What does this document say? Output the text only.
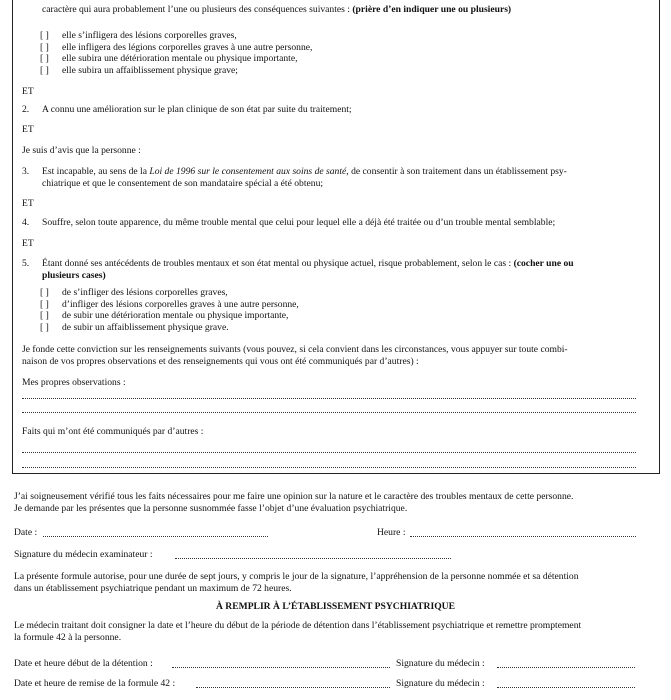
caractère qui aura probablement l’une ou plusieurs des conséquences suivantes : (prière d’en indiquer une ou plusieurs)
[ ] elle s’infligera des lésions corporelles graves,
[ ] elle infligera des légions corporelles graves à une autre personne,
[ ] elle subira une détérioration mentale ou physique importante,
[ ] elle subira un affaiblissement physique grave;
ET
2. A connu une amélioration sur le plan clinique de son état par suite du traitement;
ET
Je suis d’avis que la personne :
3. Est incapable, au sens de la Loi de 1996 sur le consentement aux soins de santé, de consentir à son traitement dans un établissement psy-
chiatrique et que le consentement de son mandataire spécial a été obtenu;
ET
4. Souffre, selon toute apparence, du même trouble mental que celui pour lequel elle a déjà été traitée ou d’un trouble mental semblable;
ET
5. Étant donné ses antécédents de troubles mentaux et son état mental ou physique actuel, risque probablement, selon le cas : (cocher une ou
plusieurs cases)
[ ] de s’infliger des lésions corporelles graves,
[ ] d’infliger des lésions corporelles graves à une autre personne,
[ ] de subir une détérioration mentale ou physique importante,
[ ] de subir un affaiblissement physique grave.
Je fonde cette conviction sur les renseignements suivants (vous pouvez, si cela convient dans les circonstances, vous appuyer sur toute combi-
naison de vos propres observations et des renseignements qui vous ont été communiqués par d’autres) :
Mes propres observations :
Faits qui m’ont été communiqués par d’autres :
J’ai soigneusement vérifié tous les faits nécessaires pour me faire une opinion sur la nature et le caractère des troubles mentaux de cette personne.
Je demande par les présentes que la personne susnommée fasse l’objet d’une évaluation psychiatrique.
Date :	Heure :
Signature du médecin examinateur :
La présente formule autorise, pour une durée de sept jours, y compris le jour de la signature, l’appréhension de la personne nommée et sa détention
dans un établissement psychiatrique pendant un maximum de 72 heures.
À REMPLIR À L’ÉTABLISSEMENT PSYCHIATRIQUE
Le médecin traitant doit consigner la date et l’heure du début de la période de détention dans l’établissement psychiatrique et remettre promptement
la formule 42 à la personne.
Date et heure début de la détention :	Signature du médecin :
Date et heure de remise de la formule 42 :	Signature du médecin :
